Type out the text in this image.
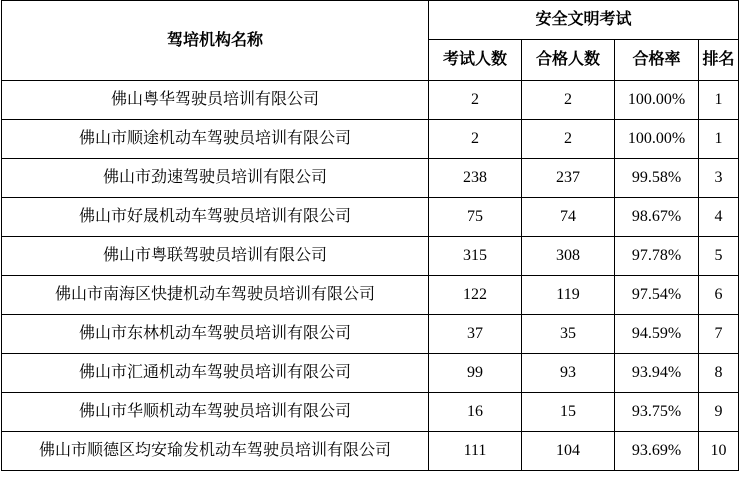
驾培机构名称	安全文明考试			
	考试人数	合格人数	合格率	排名
佛山粤华驾驶员培训有限公司	2	2	100.00%	1
佛山市顺途机动车驾驶员培训有限公司	2	2	100.00%	1
佛山市劲速驾驶员培训有限公司	238	237	99.58%	3
佛山市好晟机动车驾驶员培训有限公司	75	74	98.67%	4
佛山市粤联驾驶员培训有限公司	315	308	97.78%	5
佛山市南海区快捷机动车驾驶员培训有限公司	122	119	97.54%	6
佛山市东林机动车驾驶员培训有限公司	37	35	94.59%	7
佛山市汇通机动车驾驶员培训有限公司	99	93	93.94%	8
佛山市华顺机动车驾驶员培训有限公司	16	15	93.75%	9
佛山市顺德区均安瑜发机动车驾驶员培训有限公司	111	104	93.69%	10
